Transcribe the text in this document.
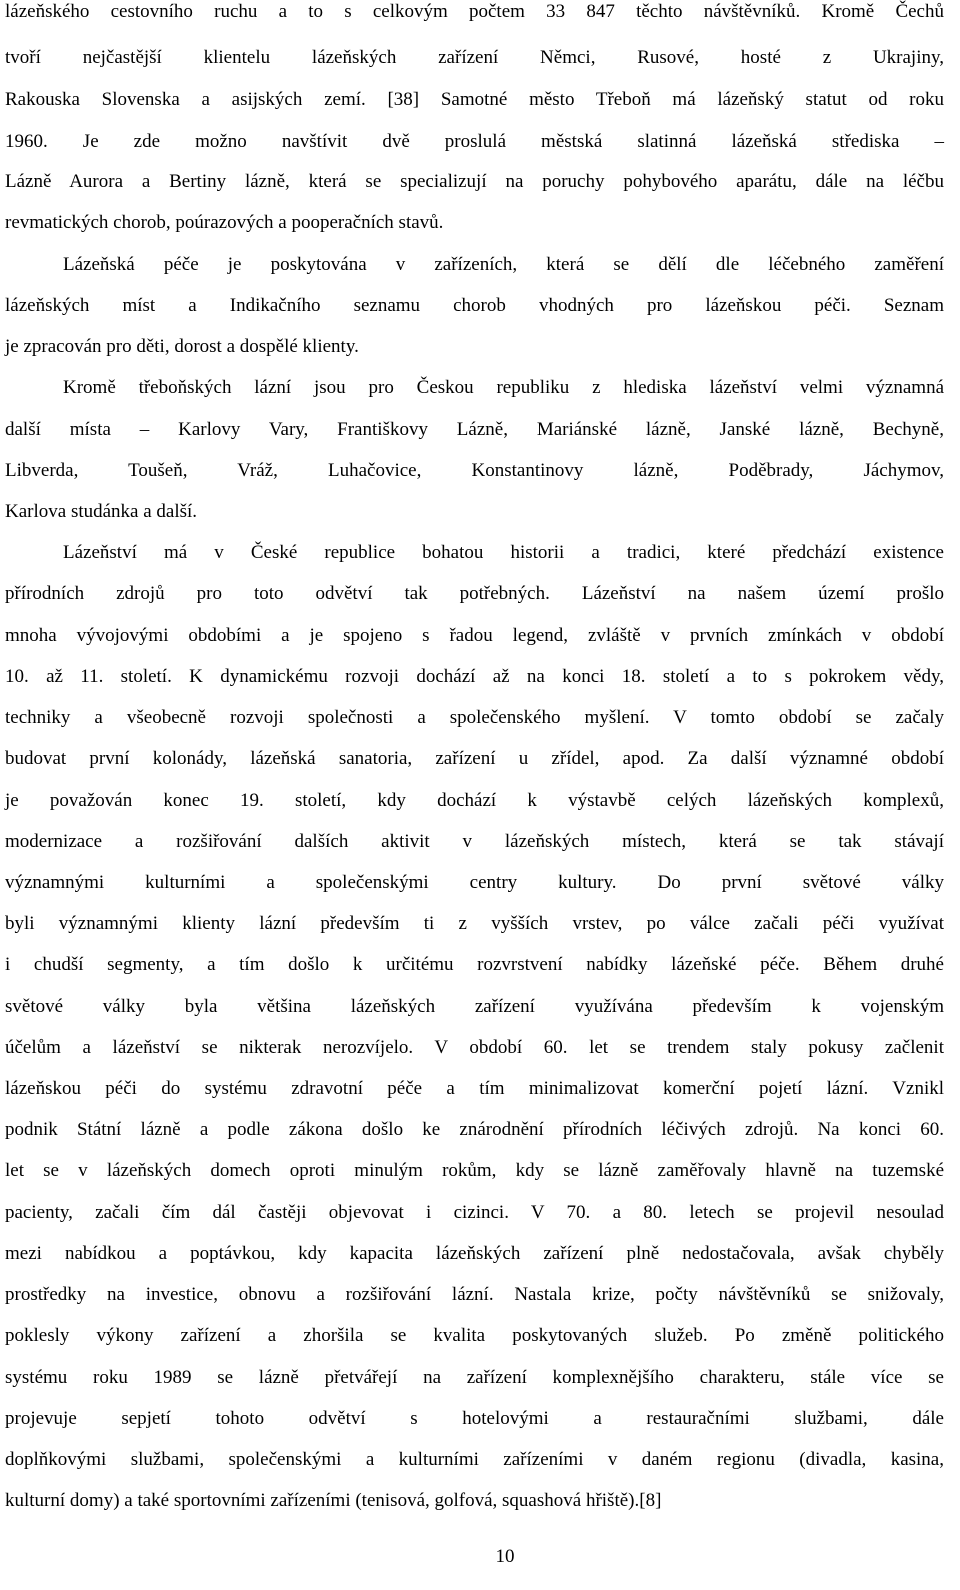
lázeňského cestovního ruchu a to s celkovým počtem 33 847 těchto návštěvníků. Kromě Čechů
tvoří nejčastější klientelu lázeňských zařízení Němci, Rusové, hosté z Ukrajiny,
Rakouska Slovenska a asijských zemí. [38] Samotné město Třeboň má lázeňský statut od roku
1960. Je zde možno navštívit dvě proslulá městská slatinná lázeňská střediska –
Lázně Aurora a Bertiny lázně, která se specializují na poruchy pohybového aparátu, dále na léčbu
revmatických chorob, poúrazových a pooperačních stavů.
Lázeňská péče je poskytována v zařízeních, která se dělí dle léčebného zaměření
lázeňských míst a Indikačního seznamu chorob vhodných pro lázeňskou péči. Seznam
je zpracován pro děti, dorost a dospělé klienty.
Kromě třeboňských lázní jsou pro Českou republiku z hlediska lázeňství velmi významná
další místa – Karlovy Vary, Františkovy Lázně, Mariánské lázně, Janské lázně, Bechyně,
Libverda, Toušeň, Vráž, Luhačovice, Konstantinovy lázně, Poděbrady, Jáchymov,
Karlova studánka a další.
Lázeňství má v České republice bohatou historii a tradici, které předchází existence
přírodních zdrojů pro toto odvětví tak potřebných. Lázeňství na našem území prošlo
mnoha vývojovými obdobími a je spojeno s řadou legend, zvláště v prvních zmínkách v období
10. až 11. století. K dynamickému rozvoji dochází až na konci 18. století a to s pokrokem vědy,
techniky a všeobecně rozvoji společnosti a společenského myšlení. V tomto období se začaly
budovat první kolonády, lázeňská sanatoria, zařízení u zřídel, apod. Za další významné období
je považován konec 19. století, kdy dochází k výstavbě celých lázeňských komplexů,
modernizace a rozšiřování dalších aktivit v lázeňských místech, která se tak stávají
významnými kulturními a společenskými centry kultury. Do první světové války
byli významnými klienty lázní především ti z vyšších vrstev, po válce začali péči využívat
i chudší segmenty, a tím došlo k určitému rozvrstvení nabídky lázeňské péče. Během druhé
světové války byla většina lázeňských zařízení využívána především k vojenským
účelům a lázeňství se nikterak nerozvíjelo. V období 60. let se trendem staly pokusy začlenit
lázeňskou péči do systému zdravotní péče a tím minimalizovat komerční pojetí lázní. Vznikl
podnik Státní lázně a podle zákona došlo ke znárodnění přírodních léčivých zdrojů. Na konci 60.
let se v lázeňských domech oproti minulým rokům, kdy se lázně zaměřovaly hlavně na tuzemské
pacienty, začali čím dál častěji objevovat i cizinci. V 70. a 80. letech se projevil nesoulad
mezi nabídkou a poptávkou, kdy kapacita lázeňských zařízení plně nedostačovala, avšak chyběly
prostředky na investice, obnovu a rozšiřování lázní. Nastala krize, počty návštěvníků se snižovaly,
poklesly výkony zařízení a zhoršila se kvalita poskytovaných služeb. Po změně politického
systému roku 1989 se lázně přetvářejí na zařízení komplexnějšího charakteru, stále více se
projevuje sepjetí tohoto odvětví s hotelovými a restauračními službami, dále
doplňkovými službami, společenskými a kulturními zařízeními v daném regionu (divadla, kasina,
kulturní domy) a také sportovními zařízeními (tenisová, golfová, squashová hřiště).[8]
10
